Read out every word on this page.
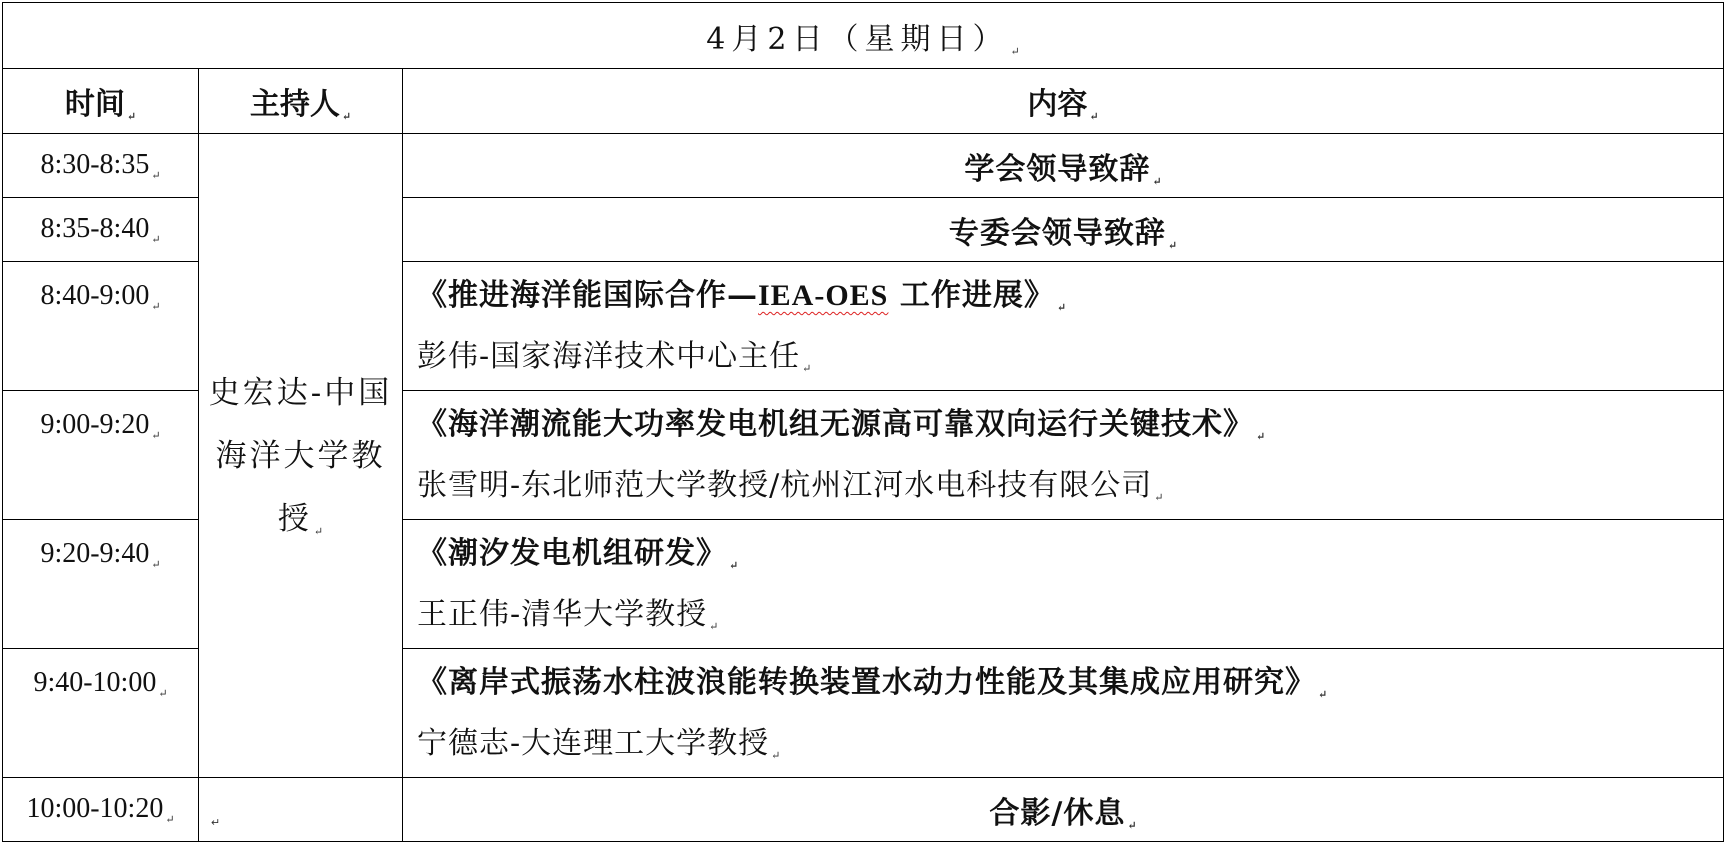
4月2日（星期日） $_↵$
时间 $_↵$	主持人 $_↵$	内容 $_↵$
8:30-8:35 $_↵$	史宏达-中国海洋大学教授 ↵	学会领导致辞 $_↵$
8:35-8:40 $_↵$		专委会领导致辞 $_↵$
8:40-9:00 $_↵$		《推进海洋能国际合作—IEA-OES 工作进展》 $_↵$
彭伟-国家海洋技术中心主任 $_↵$

9:00-9:20 $_↵$		《海洋潮流能大功率发电机组无源高可靠双向运行关键技术》 $_↵$
张雪明-东北师范大学教授/杭州江河水电科技有限公司 $_↵$

9:20-9:40 $_↵$		《潮汐发电机组研发》 $_↵$
王正伟-清华大学教授 $_↵$

9:40-10:00 $_↵$		《离岸式振荡水柱波浪能转换装置水动力性能及其集成应用研究》 $_↵$
宁德志-大连理工大学教授 $_↵$

10:00-10:20 $_↵$	↵	合影/休息 $_↵$
